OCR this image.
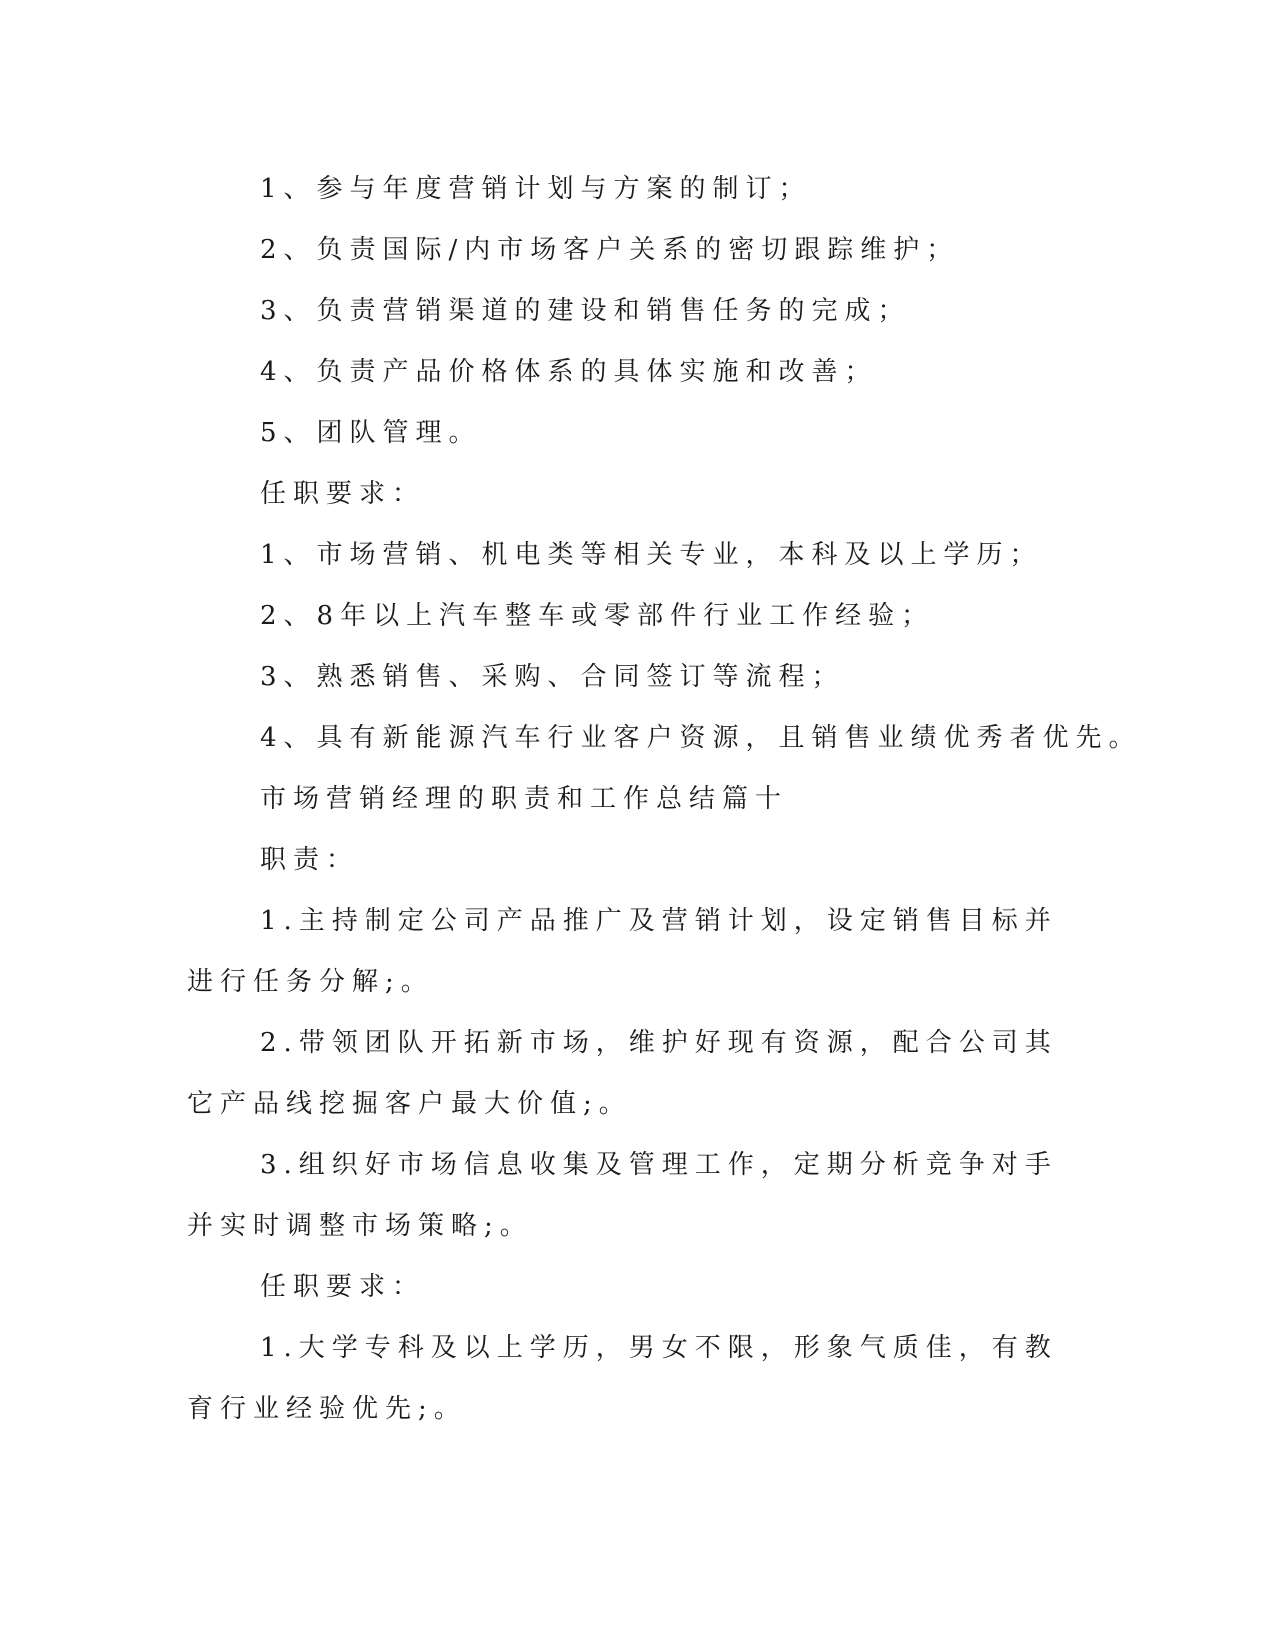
1、参与年度营销计划与方案的制订；

2、负责国际/内市场客户关系的密切跟踪维护；

3、负责营销渠道的建设和销售任务的完成；

4、负责产品价格体系的具体实施和改善；

5、团队管理。

任职要求：

1、市场营销、机电类等相关专业，本科及以上学历；

2、8年以上汽车整车或零部件行业工作经验；

3、熟悉销售、采购、合同签订等流程；

4、具有新能源汽车行业客户资源，且销售业绩优秀者优先。

市场营销经理的职责和工作总结篇十

职责：

1.主持制定公司产品推广及营销计划，设定销售目标并进行任务分解;。

2.带领团队开拓新市场，维护好现有资源，配合公司其它产品线挖掘客户最大价值;。

3.组织好市场信息收集及管理工作，定期分析竞争对手并实时调整市场策略;。

任职要求：

1.大学专科及以上学历，男女不限，形象气质佳，有教育行业经验优先;。
